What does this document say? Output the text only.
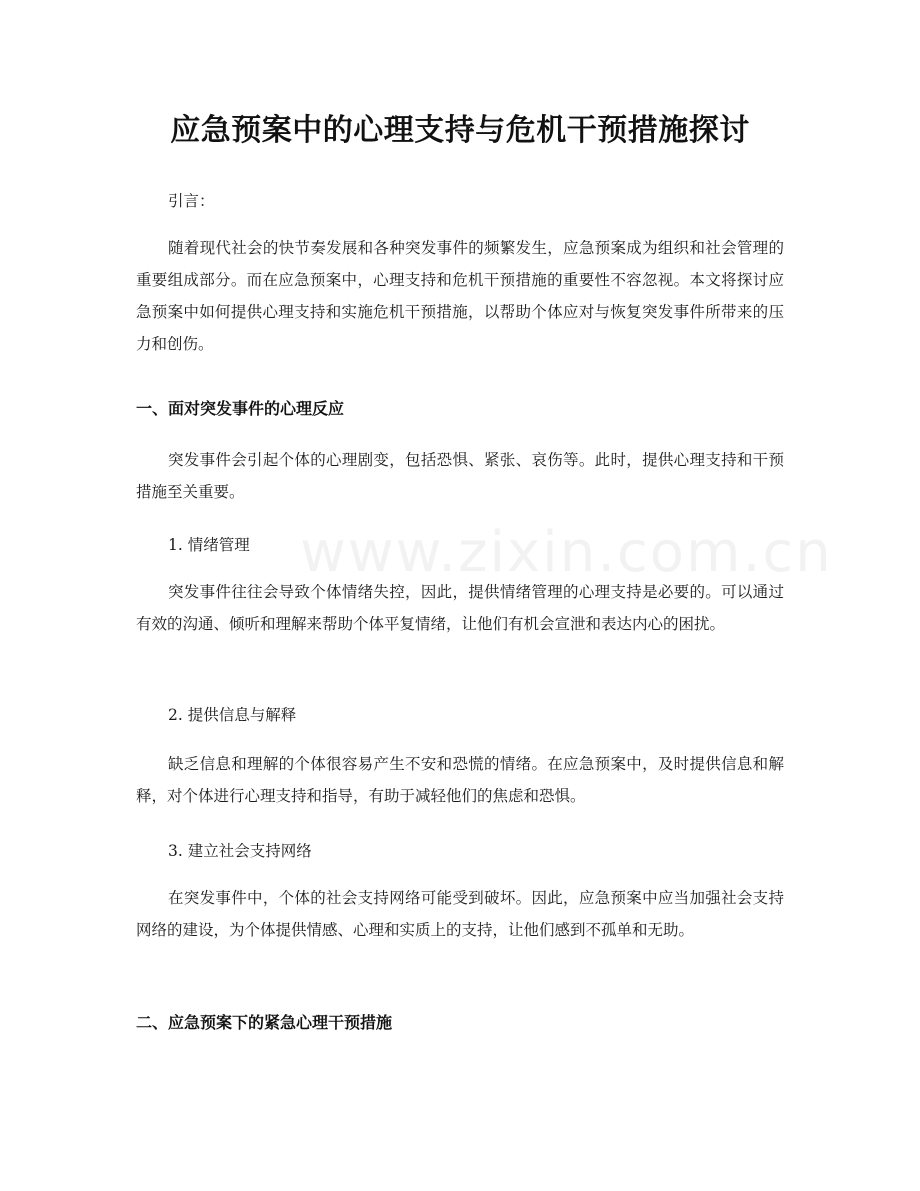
www.zixin.com.cn
应急预案中的心理支持与危机干预措施探讨

引言：

随着现代社会的快节奏发展和各种突发事件的频繁发生，应急预案成为组织和社会管理的重要组成部分。而在应急预案中，心理支持和危机干预措施的重要性不容忽视。本文将探讨应急预案中如何提供心理支持和实施危机干预措施，以帮助个体应对与恢复突发事件所带来的压力和创伤。

一、面对突发事件的心理反应

突发事件会引起个体的心理剧变，包括恐惧、紧张、哀伤等。此时，提供心理支持和干预措施至关重要。

1. 情绪管理

突发事件往往会导致个体情绪失控，因此，提供情绪管理的心理支持是必要的。可以通过有效的沟通、倾听和理解来帮助个体平复情绪，让他们有机会宣泄和表达内心的困扰。

2. 提供信息与解释

缺乏信息和理解的个体很容易产生不安和恐慌的情绪。在应急预案中，及时提供信息和解释，对个体进行心理支持和指导，有助于减轻他们的焦虑和恐惧。

3. 建立社会支持网络

在突发事件中，个体的社会支持网络可能受到破坏。因此，应急预案中应当加强社会支持网络的建设，为个体提供情感、心理和实质上的支持，让他们感到不孤单和无助。

二、应急预案下的紧急心理干预措施
